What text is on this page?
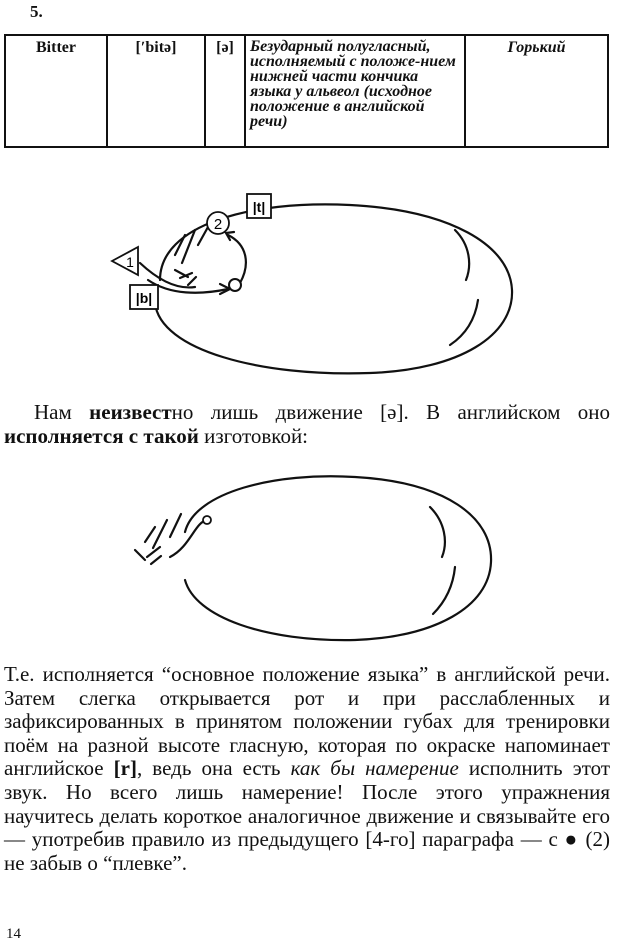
5.
Bitter	[ʹbitə]	[ə]	Безударный полугласный, исполняемый с положе-нием нижней части кончика языка у альвеол (исходное положение в английской речи)	Горький
2
|t|
1
|b|

Нам неизвестно лишь движение [ə]. В английском оно исполняется с такой изготовкой:

Т.е. исполняется “основное положение языка” в английской речи. Затем слегка открывается рот и при расслабленных и зафиксированных в принятом положении губах для тренировки поём на разной высоте гласную, которая по окраске напоминает английское [r], ведь она есть как бы намерение исполнить этот звук. Но всего лишь намерение! После этого упражнения научитесь делать короткое аналогичное движение и связывайте его — употребив правило из предыдущего [4-го] параграфа — с ● (2) не забыв о “плевке”.

14
